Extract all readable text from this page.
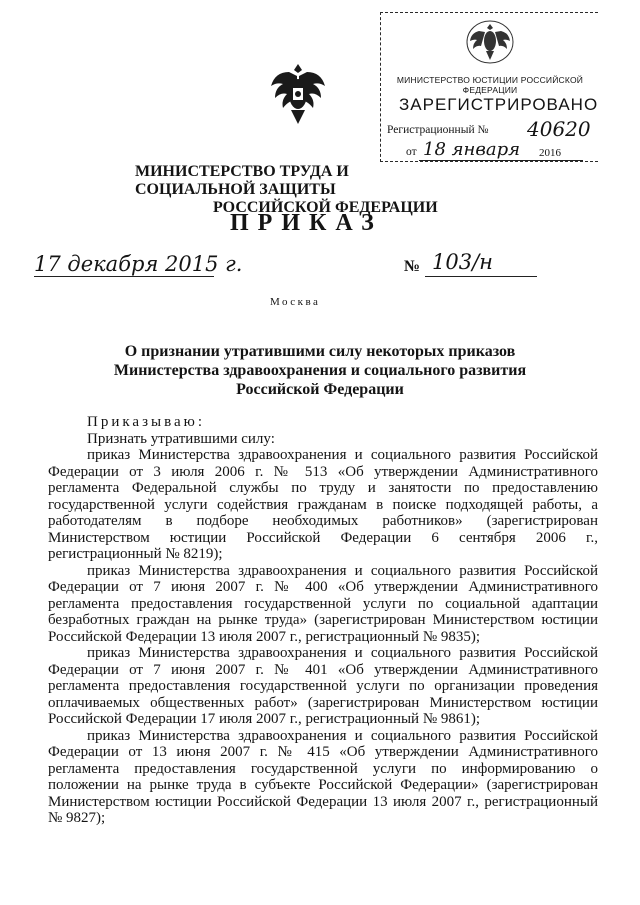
МИНИСТЕРСТВО ЮСТИЦИИ РОССИЙСКОЙ ФЕДЕРАЦИИ
ЗАРЕГИСТРИРОВАНО
Регистрационный № 40620
от 18 января 2016
МИНИСТЕРСТВО ТРУДА И СОЦИАЛЬНОЙ ЗАЩИТЫ
РОССИЙСКОЙ ФЕДЕРАЦИИ
ПРИКАЗ
17 декабря 2015 г.	№ 103/н
Москва
О признании утратившими силу некоторых приказов Министерства здравоохранения и социального развития Российской Федерации
Приказываю:
Признать утратившими силу:

приказ Министерства здравоохранения и социального развития Российской Федерации от 3 июля 2006 г. № 513 «Об утверждении Административного регламента Федеральной службы по труду и занятости по предоставлению государственной услуги содействия гражданам в поиске подходящей работы, а работодателям в подборе необходимых работников» (зарегистрирован Министерством юстиции Российской Федерации 6 сентября 2006 г., регистрационный № 8219);

приказ Министерства здравоохранения и социального развития Российской Федерации от 7 июня 2007 г. № 400 «Об утверждении Административного регламента предоставления государственной услуги по социальной адаптации безработных граждан на рынке труда» (зарегистрирован Министерством юстиции Российской Федерации 13 июля 2007 г., регистрационный № 9835);

приказ Министерства здравоохранения и социального развития Российской Федерации от 7 июня 2007 г. № 401 «Об утверждении Административного регламента предоставления государственной услуги по организации проведения оплачиваемых общественных работ» (зарегистрирован Министерством юстиции Российской Федерации 17 июля 2007 г., регистрационный № 9861);

приказ Министерства здравоохранения и социального развития Российской Федерации от 13 июня 2007 г. № 415 «Об утверждении Административного регламента предоставления государственной услуги по информированию о положении на рынке труда в субъекте Российской Федерации» (зарегистрирован Министерством юстиции Российской Федерации 13 июля 2007 г., регистрационный № 9827);
